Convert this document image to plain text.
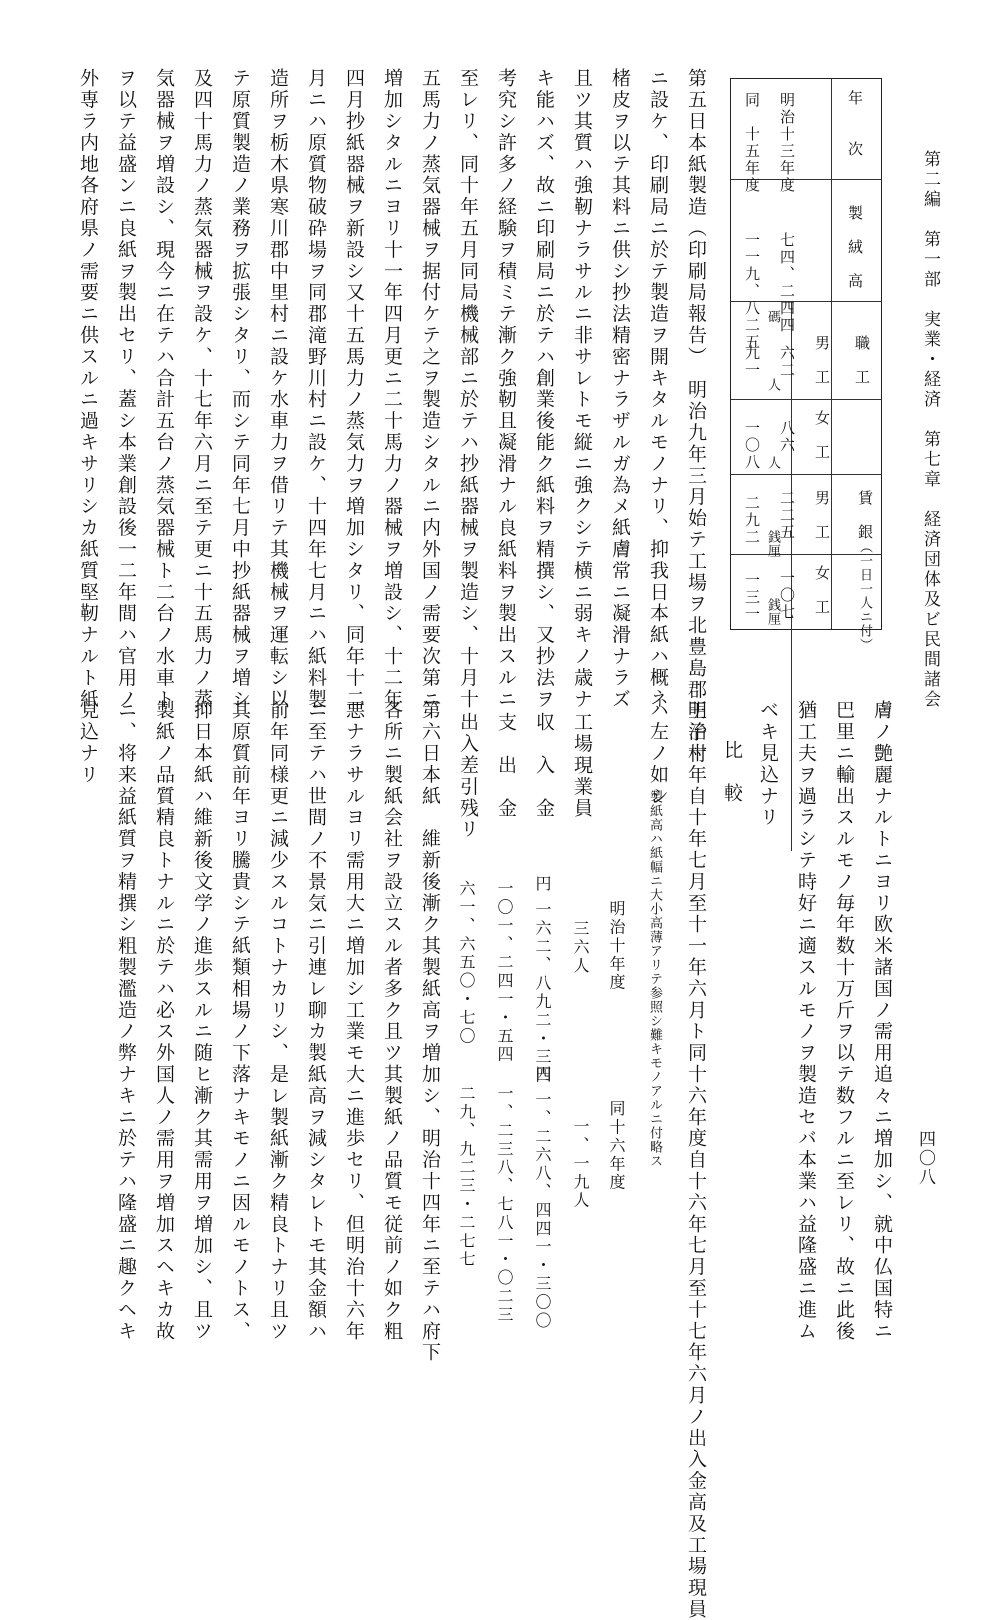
第二編　第一部　実業・経済　第七章　経済団体及ビ民間諸会
四〇八
年　　次
製　絨　高
職　工
男　工
女　工
賃　銀
（一日一人ニ付）
男　工
女　工
明治十三年度
七四、二四四
碼
六二
人
八六
人
二二五
銭厘
一〇七
銭厘
同　十五年度
一一九、八二五
九一
一〇八
二九二
一三一
第五日本紙製造（印刷局報告）　明治九年三月始テ工場ヲ北豊島郡王子村
ニ設ケ、印刷局ニ於テ製造ヲ開キタルモノナリ、抑我日本紙ハ概ネ
楮皮ヲ以テ其料ニ供シ抄法精密ナラザルガ為メ紙膚常ニ凝滑ナラズ
且ツ其質ハ強靭ナラサルニ非サレトモ縦ニ強クシテ横ニ弱キノ歳ナ
キ能ハズ、故ニ印刷局ニ於テハ創業後能ク紙料ヲ精撰シ、又抄法ヲ
考究シ許多ノ経験ヲ積ミテ漸ク強靭且凝滑ナル良紙料ヲ製出スルニ
至レリ、同十年五月同局機械部ニ於テハ抄紙器械ヲ製造シ、十月十
五馬力ノ蒸気器械ヲ据付ケテ之ヲ製造シタルニ内外国ノ需要次第ニ
増加シタルニヨリ十一年四月更ニ二十馬力ノ器械ヲ増設シ、十二年
四月抄紙器械ヲ新設シ又十五馬力ノ蒸気力ヲ増加シタリ、同年十二
月ニハ原質物破砕場ヲ同郡滝野川村ニ設ケ、十四年七月ニハ紙料製
造所ヲ栃木県寒川郡中里村ニ設ケ水車力ヲ借リテ其機械ヲ運転シ以
テ原質製造ノ業務ヲ拡張シタリ、而シテ同年七月中抄紙器械ヲ増シ
及四十馬力ノ蒸気器械ヲ設ケ、十七年六月ニ至テ更ニ十五馬力ノ蒸
気器械ヲ増設シ、現今ニ在テハ合計五台ノ蒸気器械ト二台ノ水車ト
ヲ以テ益盛ンニ良紙ヲ製出セリ、蓋シ本業創設後一二年間ハ官用ノ
外専ラ内地各府県ノ需要ニ供スルニ過キサリシカ紙質堅靭ナルト紙
膚ノ艶麗ナルトニヨリ欧米諸国ノ需用追々ニ増加シ、就中仏国特ニ
巴里ニ輸出スルモノ毎年数十万斤ヲ以テ数フルニ至レリ、故ニ此後
猶工夫ヲ過ラシテ時好ニ適スルモノヲ製造セバ本業ハ益隆盛ニ進ム
ベキ見込ナリ
比　較
明治十年自十年七月至十一年六月ト同十六年度自十六年七月至十七年六月ノ出入金高及工場現員
ハ左ノ如シ
製紙高ハ紙幅ニ大小高薄アリテ参照シ難キモノアルニ付略ス
明治十年度
同十六年度
工場現業員
三六人
一、一九人
収　入　金
円 一六二、八九二・三四
円 一、二六八、四四一・三〇〇
支　出　金
一〇一、二四一・五四
一、二三八、七八一・〇二三
出入差引残リ
六一、六五〇・七〇
二九、九二三・二七七
第六日本紙　維新後漸ク其製紙高ヲ増加シ、明治十四年ニ至テハ府下
各所ニ製紙会社ヲ設立スル者多ク且ツ其製紙ノ品質モ従前ノ如ク粗
悪ナラサルヨリ需用大ニ増加シ工業モ大ニ進歩セリ、但明治十六年
ニ至テハ世間ノ不景気ニ引連レ聊カ製紙高ヲ減シタレトモ其金額ハ
前年同様更ニ減少スルコトナカリシ、是レ製紙漸ク精良トナリ且ツ
其原質前年ヨリ騰貴シテ紙類相場ノ下落ナキモノニ因ルモノトス、
抑日本紙ハ維新後文学ノ進歩スルニ随ヒ漸ク其需用ヲ増加シ、且ツ
製紙ノ品質精良トナルニ於テハ必ス外国人ノ需用ヲ増加スヘキカ故
ニ、将来益紙質ヲ精撰シ粗製濫造ノ弊ナキニ於テハ隆盛ニ趣クヘキ
見込ナリ
